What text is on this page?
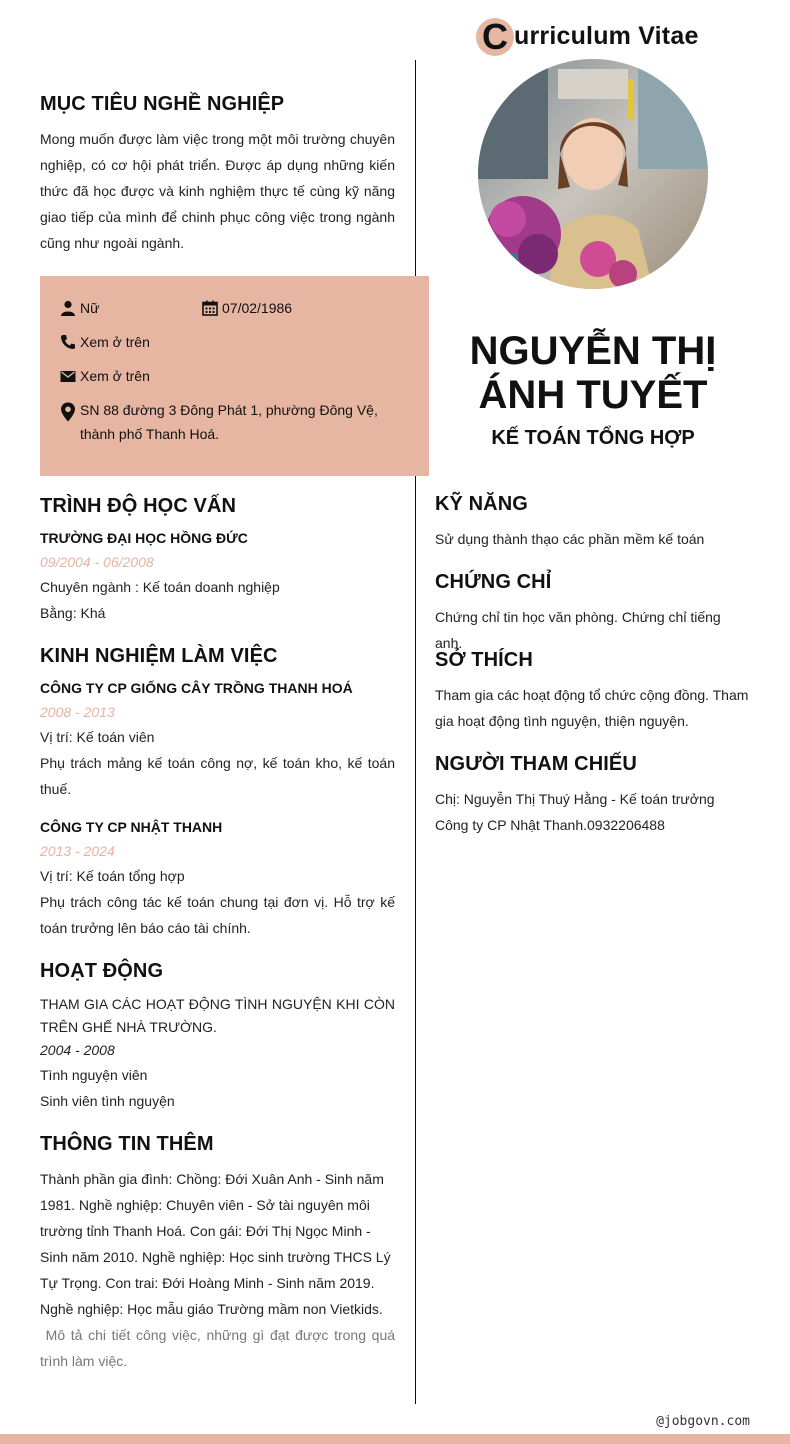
C urriculum Vitae
MỤC TIÊU NGHỀ NGHIỆP
Mong muốn được làm việc trong một môi trường chuyên nghiệp, có cơ hội phát triển. Được áp dụng những kiến thức đã học được và kinh nghiệm thực tế cùng kỹ năng giao tiếp của mình để chinh phục công việc trong ngành cũng như ngoài ngành.
Nữ	07/02/1986
Xem ở trên
Xem ở trên
SN 88 đường 3 Đông Phát 1, phường Đông Vệ, thành phố Thanh Hoá.
NGUYỄN THỊ
ÁNH TUYẾT
KẾ TOÁN TỔNG HỢP
TRÌNH ĐỘ HỌC VẤN
TRƯỜNG ĐẠI HỌC HỒNG ĐỨC
09/2004 - 06/2008
Chuyên ngành : Kế toán doanh nghiệp
Bằng: Khá
KINH NGHIỆM LÀM VIỆC
CÔNG TY CP GIỐNG CÂY TRỒNG THANH HOÁ
2008 - 2013
Vị trí: Kế toán viên
Phụ trách mảng kế toán công nợ, kế toán kho, kế toán thuế.
CÔNG TY CP NHẬT THANH
2013 - 2024
Vị trí: Kế toán tổng hợp
Phụ trách công tác kế toán chung tại đơn vị. Hỗ trợ kế toán trưởng lên báo cáo tài chính.
HOẠT ĐỘNG
THAM GIA CÁC HOẠT ĐỘNG TÌNH NGUYỆN KHI CÒN TRÊN GHẾ NHÀ TRƯỜNG.
2004 - 2008
Tình nguyện viên
Sinh viên tình nguyện
THÔNG TIN THÊM
Thành phần gia đình: Chồng: Đới Xuân Anh - Sinh năm 1981. Nghề nghiệp: Chuyên viên - Sở tài nguyên môi trường tỉnh Thanh Hoá. Con gái: Đới Thị Ngọc Minh - Sinh năm 2010. Nghề nghiệp: Học sinh trường THCS Lý Tự Trọng. Con trai: Đới Hoàng Minh - Sinh năm 2019. Nghề nghiệp: Học mẫu giáo Trường mầm non Vietkids.
Mô tả chi tiết công việc, những gì đạt được trong quá trình làm việc.
KỸ NĂNG
Sử dụng thành thạo các phần mềm kế toán
CHỨNG CHỈ
Chứng chỉ tin học văn phòng. Chứng chỉ tiếng anh.
SỞ THÍCH
Tham gia các hoạt động tổ chức cộng đồng. Tham gia hoạt động tình nguyện, thiện nguyện.
NGƯỜI THAM CHIẾU
Chị: Nguyễn Thị Thuý Hằng - Kế toán trưởng Công ty CP Nhật Thanh.0932206488
@jobgovn.com
